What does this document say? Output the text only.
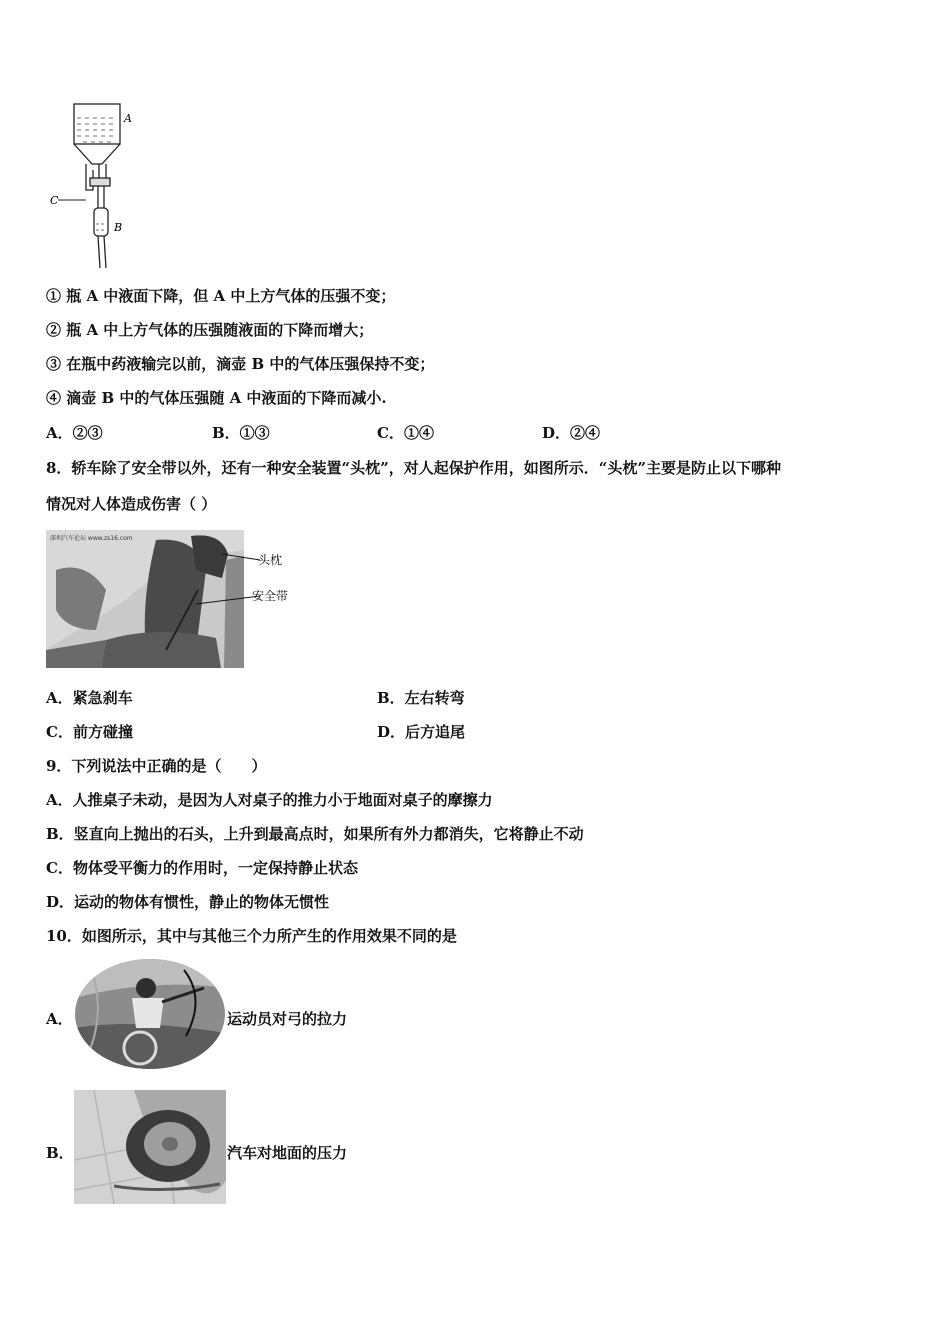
A
C
B
① 瓶 A 中液面下降，但 A 中上方气体的压强不变；
② 瓶 A 中上方气体的压强随液面的下降而增大；
③ 在瓶中药液输完以前，滴壶 B 中的气体压强保持不变；
④ 滴壶 B 中的气体压强随 A 中液面的下降而减小.
A．②③	B．①③	C．①④	D．②④
8．轿车除了安全带以外，还有一种安全装置“头枕”，对人起保护作用，如图所示．“头枕”主要是防止以下哪种
情况对人体造成伤害（ ）
深圳汽车论坛 www.zs16.com
头枕
安全带
A．紧急刹车	B．左右转弯
C．前方碰撞	D．后方追尾
9．下列说法中正确的是（　　）
A．人推桌子未动，是因为人对桌子的推力小于地面对桌子的摩擦力
B．竖直向上抛出的石头，上升到最高点时，如果所有外力都消失，它将静止不动
C．物体受平衡力的作用时，一定保持静止状态
D．运动的物体有惯性，静止的物体无惯性
10．如图所示，其中与其他三个力所产生的作用效果不同的是
A．	运动员对弓的拉力
B．	汽车对地面的压力
